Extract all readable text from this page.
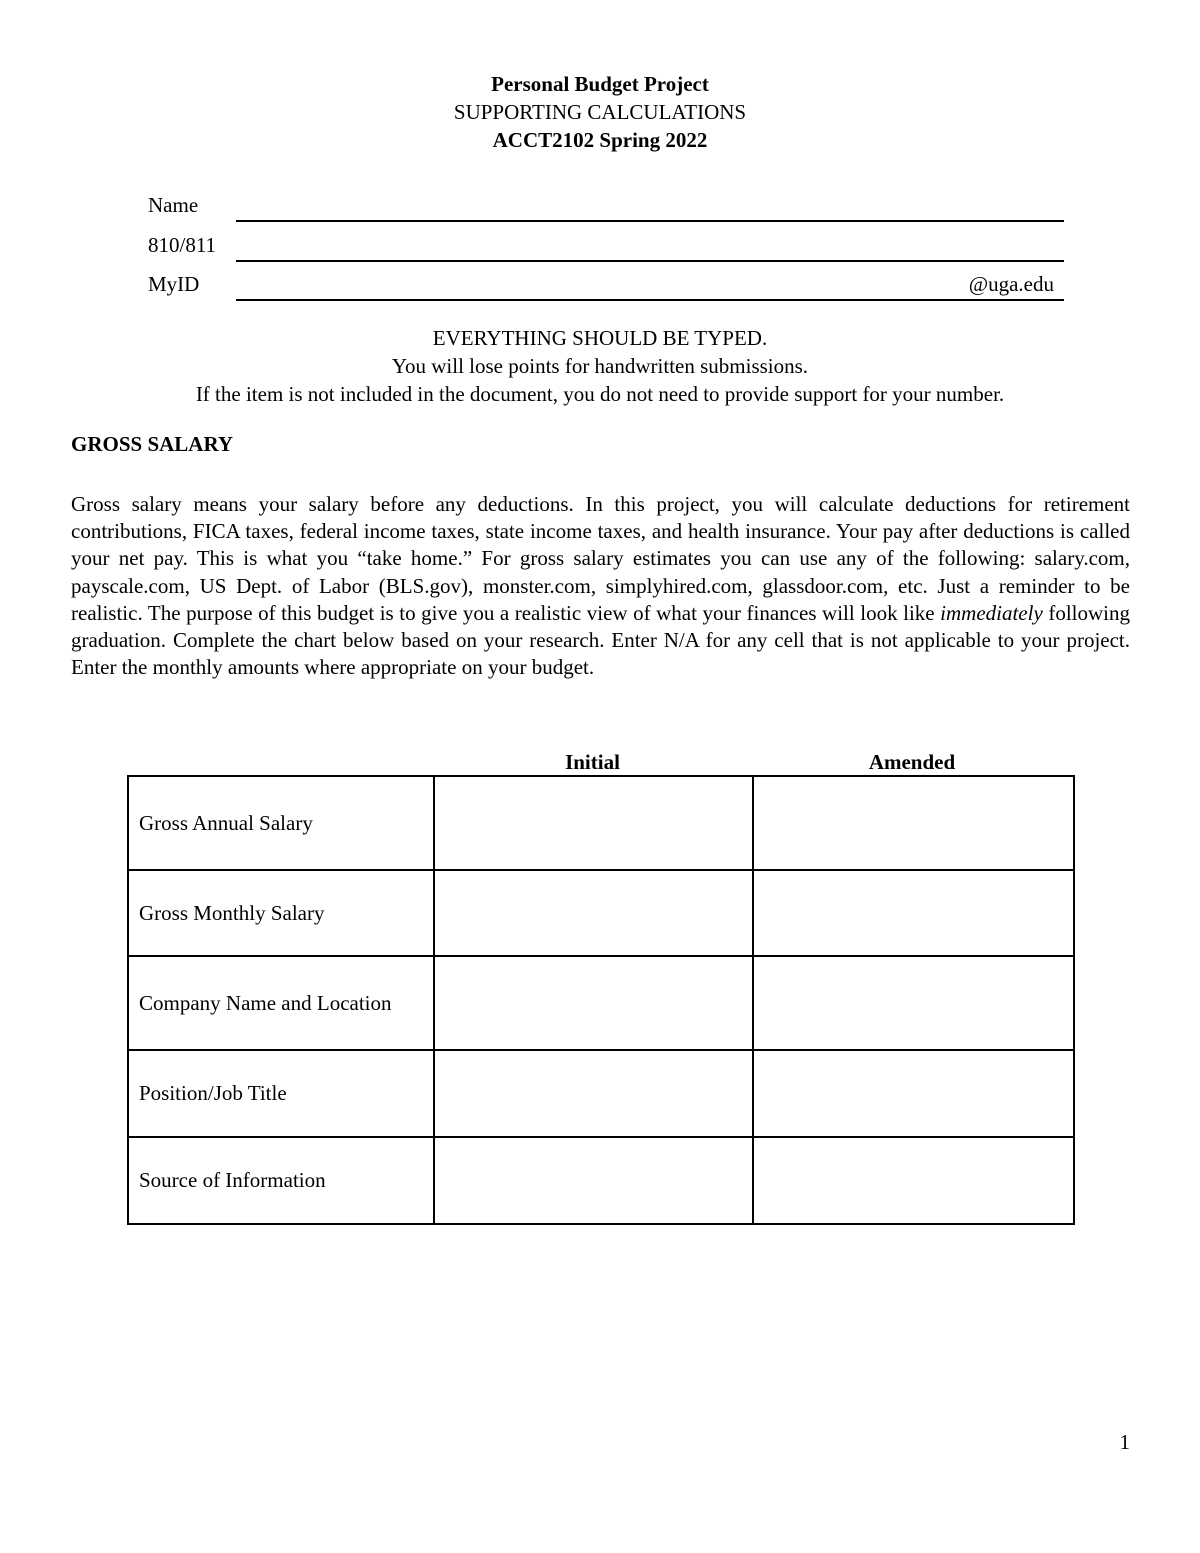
Personal Budget Project
SUPPORTING CALCULATIONS
ACCT2102 Spring 2022
Name
810/811
MyID	@uga.edu
EVERYTHING SHOULD BE TYPED.
You will lose points for handwritten submissions.
If the item is not included in the document, you do not need to provide support for your number.
GROSS SALARY
Gross salary means your salary before any deductions. In this project, you will calculate deductions for retirement contributions, FICA taxes, federal income taxes, state income taxes, and health insurance. Your pay after deductions is called your net pay. This is what you “take home.” For gross salary estimates you can use any of the following: salary.com, payscale.com, US Dept. of Labor (BLS.gov), monster.com, simplyhired.com, glassdoor.com, etc. Just a reminder to be realistic. The purpose of this budget is to give you a realistic view of what your finances will look like immediately following graduation. Complete the chart below based on your research. Enter N/A for any cell that is not applicable to your project. Enter the monthly amounts where appropriate on your budget.
Initial	Amended
Gross Annual Salary		
Gross Monthly Salary		
Company Name and Location		
Position/Job Title		
Source of Information		
1
